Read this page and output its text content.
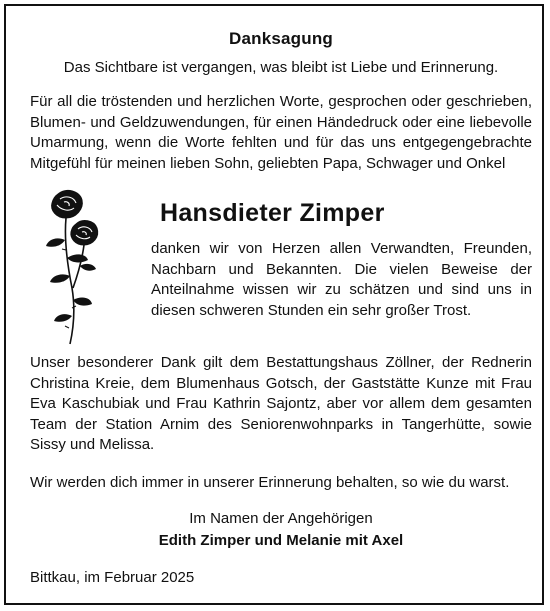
Danksagung
Das Sichtbare ist vergangen, was bleibt ist Liebe und Erinnerung.

Für all die tröstenden und herzlichen Worte, gesprochen oder geschrieben, Blumen- und Geldzuwendungen, für einen Händedruck oder eine liebevolle Umarmung, wenn die Worte fehlten und für das uns entgegengebrachte Mitgefühl für meinen lieben Sohn, geliebten Papa, Schwager und Onkel

Hansdieter Zimper
danken wir von Herzen allen Verwandten, Freunden, Nachbarn und Bekannten. Die vielen Beweise der Anteilnahme wissen wir zu schätzen und sind uns in diesen schweren Stunden ein sehr großer Trost.

Unser besonderer Dank gilt dem Bestattungshaus Zöllner, der Rednerin Christina Kreie, dem Blumenhaus Gotsch, der Gaststätte Kunze mit Frau Eva Kaschubiak und Frau Kathrin Sajontz, aber vor allem dem gesamten Team der Station Arnim des Seniorenwohnparks in Tangerhütte, sowie Sissy und Melissa.

Wir werden dich immer in unserer Erinnerung behalten, so wie du warst.

Im Namen der Angehörigen
Edith Zimper und Melanie mit Axel

Bittkau, im Februar 2025
